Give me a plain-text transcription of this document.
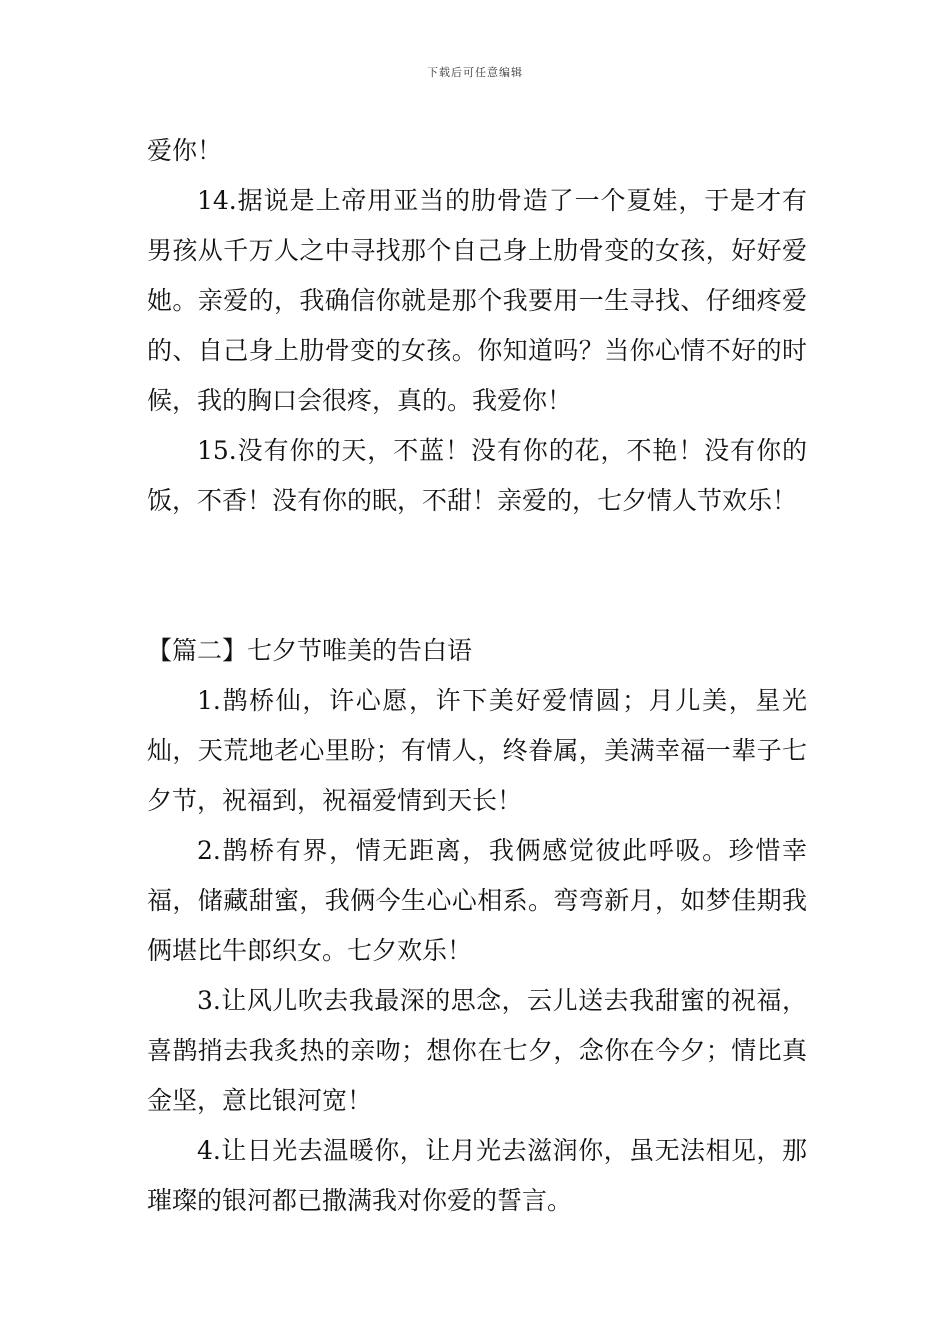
下载后可任意编辑

爱你！

14.据说是上帝用亚当的肋骨造了一个夏娃，于是才有男孩从千万人之中寻找那个自己身上肋骨变的女孩，好好爱她。亲爱的，我确信你就是那个我要用一生寻找、仔细疼爱的、自己身上肋骨变的女孩。你知道吗？当你心情不好的时候，我的胸口会很疼，真的。我爱你！

15.没有你的天，不蓝！没有你的花，不艳！没有你的饭，不香！没有你的眠，不甜！亲爱的，七夕情人节欢乐！

【篇二】七夕节唯美的告白语

1.鹊桥仙，许心愿，许下美好爱情圆；月儿美，星光灿，天荒地老心里盼；有情人，终眷属，美满幸福一辈子七夕节，祝福到，祝福爱情到天长！

2.鹊桥有界，情无距离，我俩感觉彼此呼吸。珍惜幸福，储藏甜蜜，我俩今生心心相系。弯弯新月，如梦佳期我俩堪比牛郎织女。七夕欢乐！

3.让风儿吹去我最深的思念，云儿送去我甜蜜的祝福，喜鹊捎去我炙热的亲吻；想你在七夕，念你在今夕；情比真金坚，意比银河宽！

4.让日光去温暖你，让月光去滋润你，虽无法相见，那璀璨的银河都已撒满我对你爱的誓言。
